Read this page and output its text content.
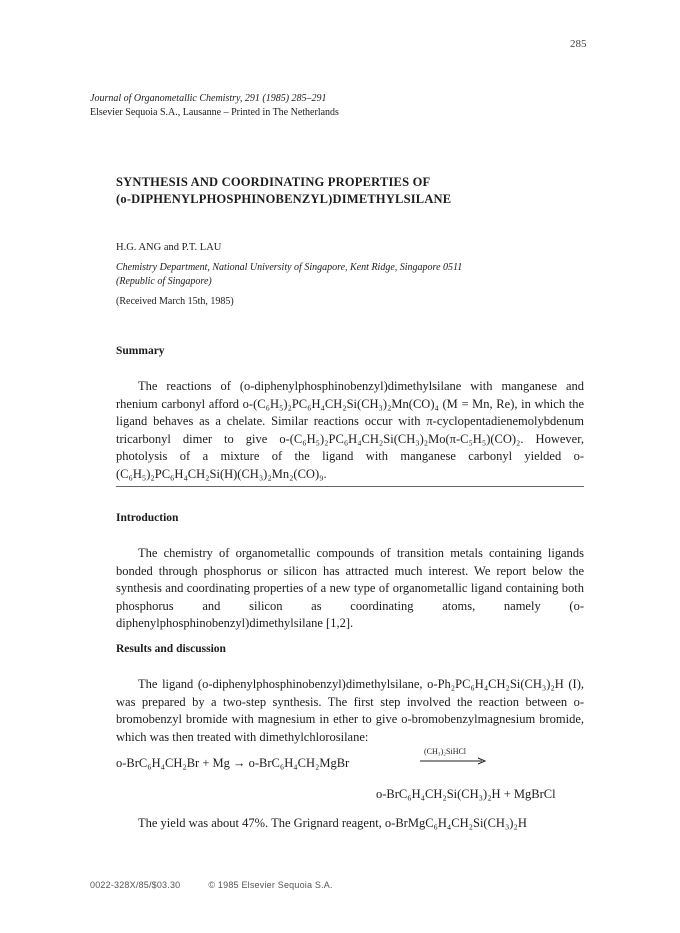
285
Journal of Organometallic Chemistry, 291 (1985) 285–291
Elsevier Sequoia S.A., Lausanne – Printed in The Netherlands
SYNTHESIS AND COORDINATING PROPERTIES OF
(o-DIPHENYLPHOSPHINOBENZYL)DIMETHYLSILANE
H.G. ANG and P.T. LAU
Chemistry Department, National University of Singapore, Kent Ridge, Singapore 0511
(Republic of Singapore)
(Received March 15th, 1985)
Summary
The reactions of (o-diphenylphosphinobenzyl)dimethylsilane with manganese and rhenium carbonyl afford o-(C₆H₅)₂PC₆H₄CH₂Si(CH₃)₂Mn(CO)₄ (M = Mn, Re), in which the ligand behaves as a chelate. Similar reactions occur with π-cyclopentadienemolybdenum tricarbonyl dimer to give o-(C₆H₅)₂PC₆H₄CH₂Si(CH₃)₂Mo(π-C₅H₅)(CO)₂. However, photolysis of a mixture of the ligand with manganese carbonyl yielded o-(C₆H₅)₂PC₆H₄CH₂Si(H)(CH₃)₂Mn₂(CO)₉.
Introduction
The chemistry of organometallic compounds of transition metals containing ligands bonded through phosphorus or silicon has attracted much interest. We report below the synthesis and coordinating properties of a new type of organometallic ligand containing both phosphorus and silicon as coordinating atoms, namely (o-diphenylphosphinobenzyl)dimethylsilane [1,2].
Results and discussion
The ligand (o-diphenylphosphinobenzyl)dimethylsilane, o-Ph₂PC₆H₄CH₂Si(CH₃)₂H (I), was prepared by a two-step synthesis. The first step involved the reaction between o-bromobenzyl bromide with magnesium in ether to give o-bromobenzylmagnesium bromide, which was then treated with dimethylchlorosilane:
(CH₃)₂SiHCl
o-BrC₆H₄CH₂Br + Mg → o-BrC₆H₄CH₂MgBr
o-BrC₆H₄CH₂Si(CH₃)₂H + MgBrCl
The yield was about 47%. The Grignard reagent, o-BrMgC₆H₄CH₂Si(CH₃)₂H
0022-328X/85/$03.30	© 1985 Elsevier Sequoia S.A.
